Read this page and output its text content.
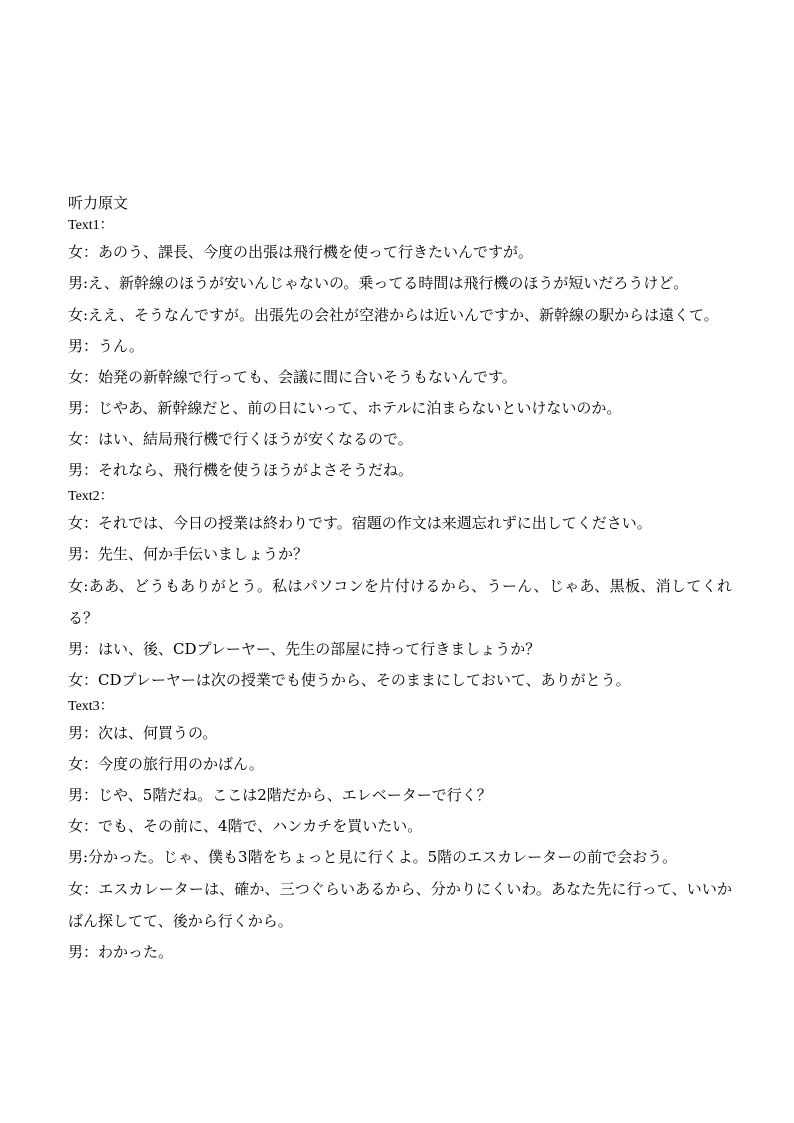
听力原文

Text1：

女：あのう、課長、今度の出張は飛行機を使って行きたいんですが。

男:え、新幹線のほうが安いんじゃないの。乗ってる時間は飛行機のほうが短いだろうけど。

女:ええ、そうなんですが。出張先の会社が空港からは近いんですか、新幹線の駅からは遠くて。

男：うん。

女：始発の新幹線で行っても、会議に間に合いそうもないんです。

男：じやあ、新幹線だと、前の日にいって、ホテルに泊まらないといけないのか。

女：はい、結局飛行機で行くほうが安くなるので。

男：それなら、飛行機を使うほうがよさそうだね。

Text2：

女：それでは、今日の授業は終わりです。宿題の作文は来週忘れずに出してください。

男：先生、何か手伝いましょうか？

女:ああ、どうもありがとう。私はパソコンを片付けるから、うーん、じゃあ、黒板、消してくれる？

男：はい、後、CDプレーヤー、先生の部屋に持って行きましょうか？

女：CDプレーヤーは次の授業でも使うから、そのままにしておいて、ありがとう。

Text3：

男：次は、何買うの。

女：今度の旅行用のかばん。

男：じや、5階だね。ここは2階だから、エレベーターで行く？

女：でも、その前に、4階で、ハンカチを買いたい。

男:分かった。じゃ、僕も3階をちょっと見に行くよ。5階のエスカレーターの前で会おう。

女：エスカレーターは、確か、三つぐらいあるから、分かりにくいわ。あなた先に行って、いいかばん探してて、後から行くから。

男：わかった。
